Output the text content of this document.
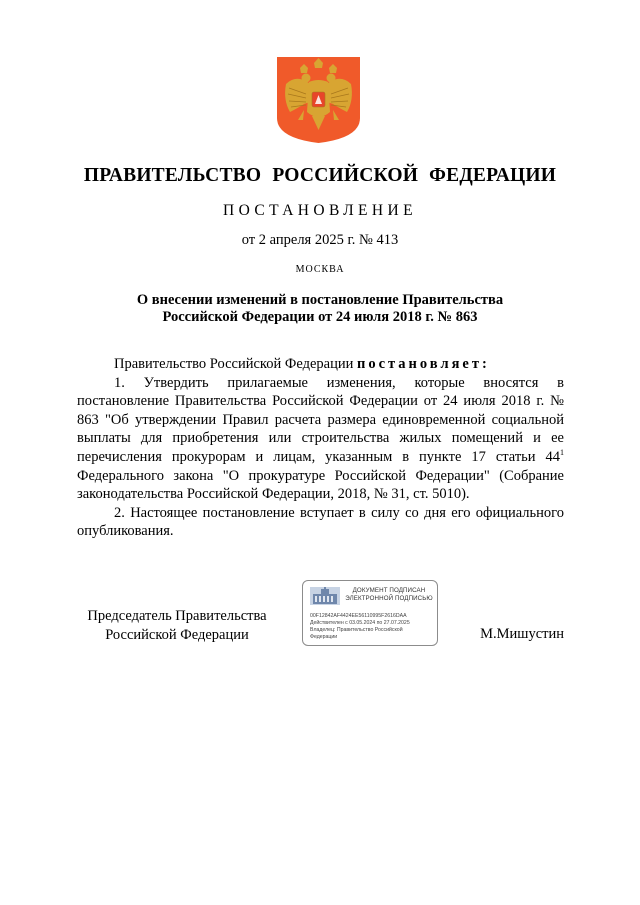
ПРАВИТЕЛЬСТВО РОССИЙСКОЙ ФЕДЕРАЦИИ
ПОСТАНОВЛЕНИЕ
от 2 апреля 2025 г. № 413
МОСКВА
О внесении изменений в постановление Правительства
Российской Федерации от 24 июля 2018 г. № 863

Правительство Российской Федерации постановляет:

1. Утвердить прилагаемые изменения, которые вносятся в постановление Правительства Российской Федерации от 24 июля 2018 г. № 863 "Об утверждении Правил расчета размера единовременной социальной выплаты для приобретения или строительства жилых помещений и ее перечисления прокурорам и лицам, указанным в пункте 17 статьи $44^1$ Федерального закона "О прокуратуре Российской Федерации" (Собрание законодательства Российской Федерации, 2018, № 31, ст. 5010).

2. Настоящее постановление вступает в силу со дня его официального опубликования.

Председатель Правительства
Российской Федерации
ДОКУМЕНТ ПОДПИСАН
ЭЛЕКТРОННОЙ ПОДПИСЬЮ
00F12842AF4424EE56110995F2616DAA
Действителен с 03.05.2024 по 27.07.2025
Владелец: Правительство Российской
Федерации	М.Мишустин
